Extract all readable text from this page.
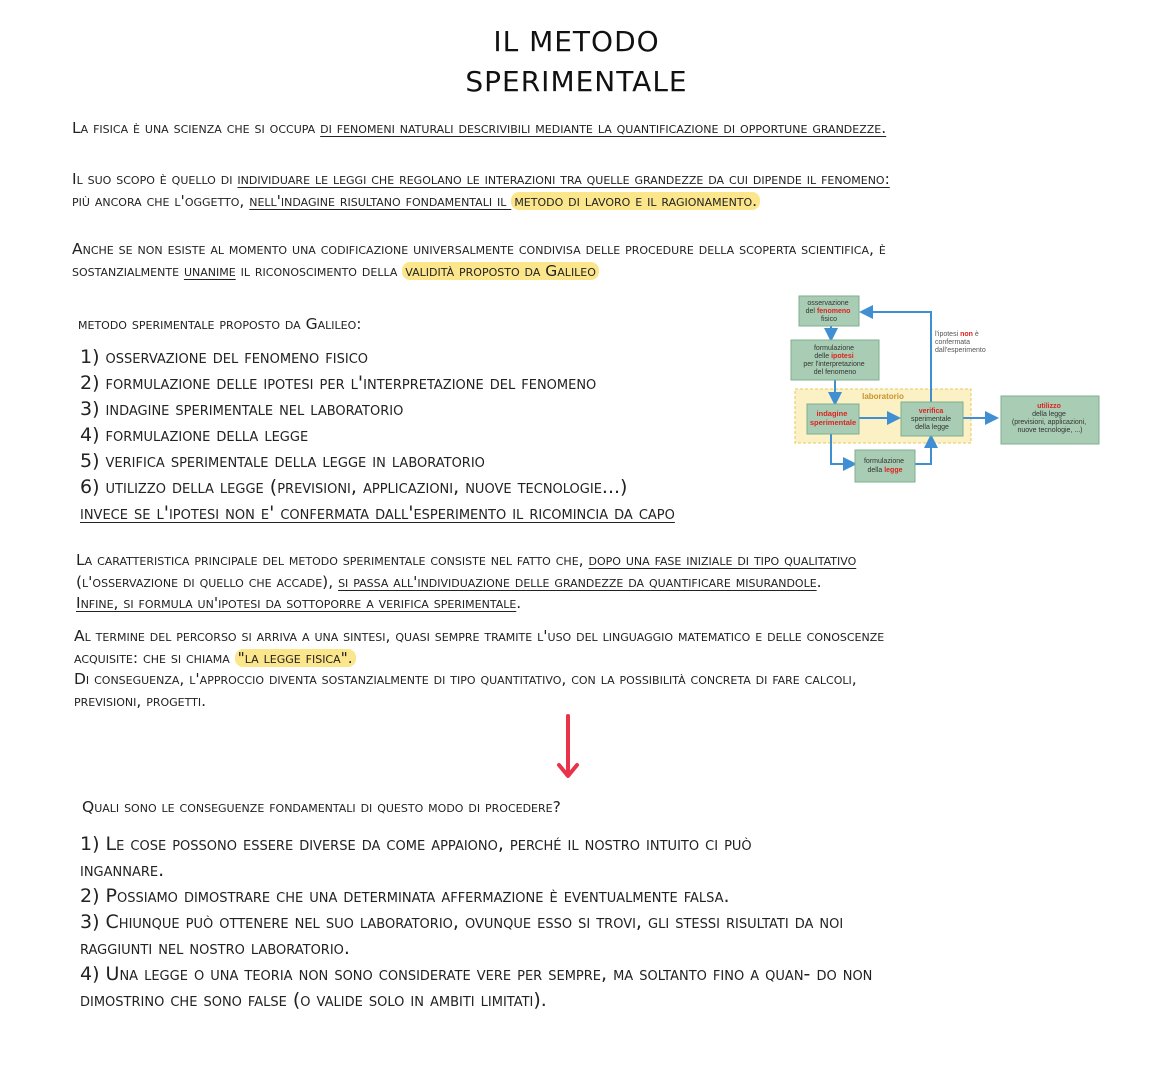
IL METODO
SPERIMENTALE
La fisica è una scienza che si occupa di fenomeni naturali descrivibili mediante la quantificazione di opportune grandezze.
Il suo scopo è quello di individuare le leggi che regolano le interazioni tra quelle grandezze da cui dipende il fenomeno:
più ancora che l'oggetto, nell'indagine risultano fondamentali il metodo di lavoro e il ragionamento.
Anche se non esiste al momento una codificazione universalmente condivisa delle procedure della scoperta scientifica, è
sostanzialmente unanime il riconoscimento della validità proposto da Galileo
metodo sperimentale proposto da Galileo:
1) osservazione del fenomeno fisico
2) formulazione delle ipotesi per l'interpretazione del fenomeno
3) indagine sperimentale nel laboratorio
4) formulazione della legge
5) verifica sperimentale della legge in laboratorio
6) utilizzo della legge (previsioni, applicazioni, nuove tecnologie...)
invece se l'ipotesi non e' confermata dall'esperimento il ricomincia da capo
laboratorio
osservazione del fenomeno fisico
formulazione delle ipotesi per l'interpretazione del fenomeno
l'ipotesi non è confermata dall'esperimento
indagine sperimentale
verifica sperimentale della legge
utilizzo della legge (previsioni, applicazioni, nuove tecnologie, ...)
formulazione della legge
La caratteristica principale del metodo sperimentale consiste nel fatto che, dopo una fase iniziale di tipo qualitativo
(l'osservazione di quello che accade), si passa all'individuazione delle grandezze da quantificare misurandole.
Infine, si formula un'ipotesi da sottoporre a verifica sperimentale.
Al termine del percorso si arriva a una sintesi, quasi sempre tramite l'uso del linguaggio matematico e delle conoscenze
acquisite: che si chiama "la legge fisica".
Di conseguenza, l'approccio diventa sostanzialmente di tipo quantitativo, con la possibilità concreta di fare calcoli,
previsioni, progetti.
Quali sono le conseguenze fondamentali di questo modo di procedere?
1) Le cose possono essere diverse da come appaiono, perché il nostro intuito ci può
ingannare.
2) Possiamo dimostrare che una determinata affermazione è eventualmente falsa.
3) Chiunque può ottenere nel suo laboratorio, ovunque esso si trovi, gli stessi risultati da noi
raggiunti nel nostro laboratorio.
4) Una legge o una teoria non sono considerate vere per sempre, ma soltanto fino a quan- do non
dimostrino che sono false (o valide solo in ambiti limitati).
